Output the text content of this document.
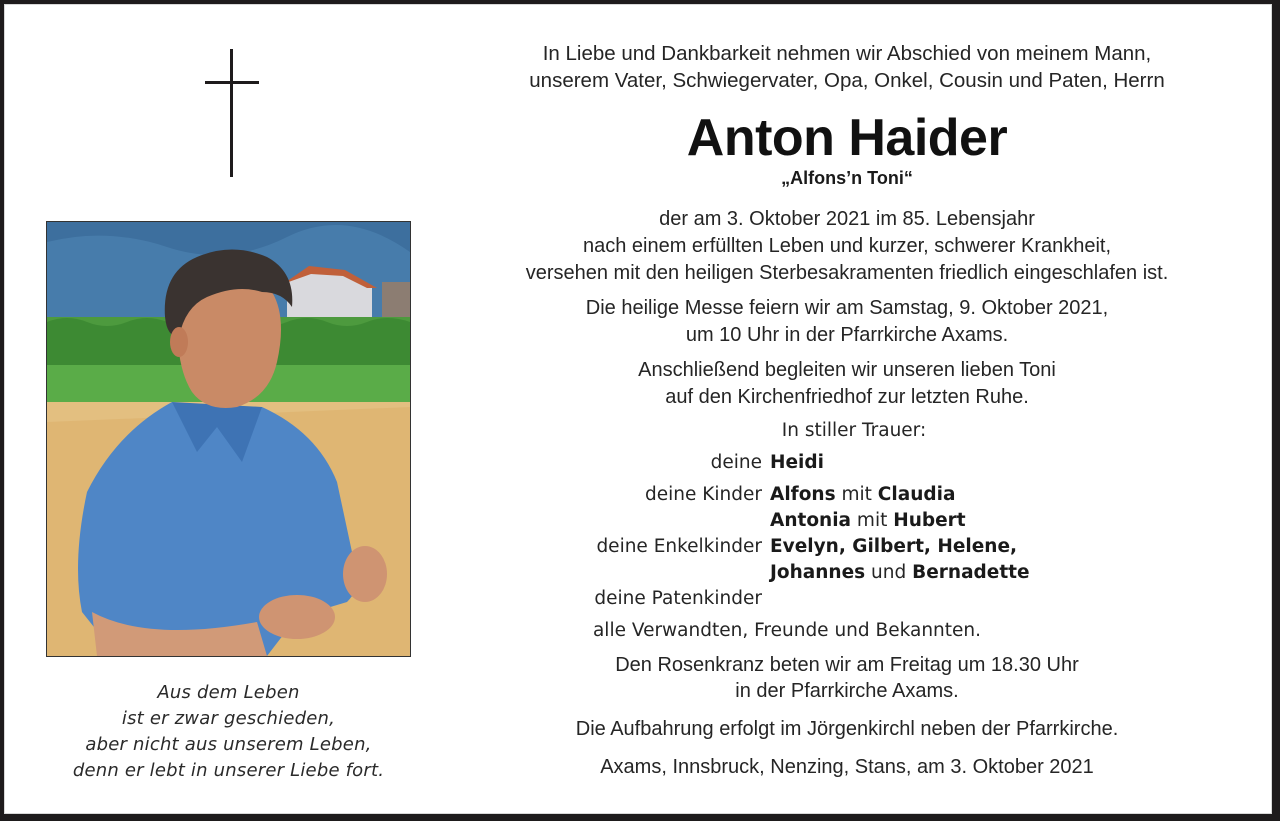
Aus dem Leben
ist er zwar geschieden,
aber nicht aus unserem Leben,
denn er lebt in unserer Liebe fort.
In Liebe und Dankbarkeit nehmen wir Abschied von meinem Mann,
unserem Vater, Schwiegervater, Opa, Onkel, Cousin und Paten, Herrn
Anton Haider
„Alfons’n Toni“
der am 3. Oktober 2021 im 85. Lebensjahr
nach einem erfüllten Leben und kurzer, schwerer Krankheit,
versehen mit den heiligen Sterbesakramenten friedlich eingeschlafen ist.
Die heilige Messe feiern wir am Samstag, 9. Oktober 2021,
um 10 Uhr in der Pfarrkirche Axams.
Anschließend begleiten wir unseren lieben Toni
auf den Kirchenfriedhof zur letzten Ruhe.
In stiller Trauer:
deine Heidi
deine Kinder Alfons mit Claudia
Antonia mit Hubert
deine Enkelkinder Evelyn, Gilbert, Helene,
Johannes und Bernadette
deine Patenkinder
alle Verwandten, Freunde und Bekannten.
Den Rosenkranz beten wir am Freitag um 18.30 Uhr
in der Pfarrkirche Axams.
Die Aufbahrung erfolgt im Jörgenkirchl neben der Pfarrkirche.
Axams, Innsbruck, Nenzing, Stans, am 3. Oktober 2021
